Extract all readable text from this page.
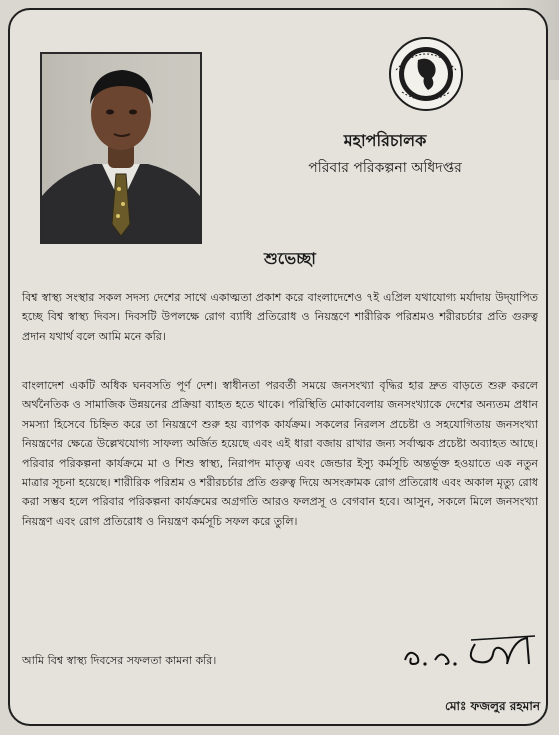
মহাপরিচালক
পরিবার পরিকল্পনা অধিদপ্তর
শুভেচ্ছা

বিশ্ব স্বাস্থ্য সংস্থার সকল সদস্য দেশের সাথে একাত্মতা প্রকাশ করে বাংলাদেশেও ৭ই এপ্রিল যথাযোগ্য মর্যাদায় উদ্‌যাপিত হচ্ছে বিশ্ব স্বাস্থ্য দিবস। দিবসটি উপলক্ষে রোগ ব্যাধি প্রতিরোধ ও নিয়ন্ত্রণে শারীরিক পরিশ্রমও শরীরচর্চার প্রতি গুরুত্ব প্রদান যথার্থ বলে আমি মনে করি।

বাংলাদেশ একটি অধিক ঘনবসতি পূর্ণ দেশ। স্বাধীনতা পরবর্তী সময়ে জনসংখ্যা বৃদ্ধির হার দ্রুত বাড়তে শুরু করলে অর্থনৈতিক ও সামাজিক উন্নয়নের প্রক্রিয়া ব্যাহত হতে থাকে। পরিস্থিতি মোকাবেলায় জনসংখ্যাকে দেশের অন্যতম প্রধান সমস্যা হিসেবে চিহ্নিত করে তা নিয়ন্ত্রণে শুরু হয় ব্যাপক কার্যক্রম। সকলের নিরলস প্রচেষ্টা ও সহযোগিতায় জনসংখ্যা নিয়ন্ত্রণের ক্ষেত্রে উল্লেখযোগ্য সাফল্য অর্জিত হয়েছে এবং এই ধারা বজায় রাখার জন্য সর্বাত্মক প্রচেষ্টা অব্যাহত আছে। পরিবার পরিকল্পনা কার্যক্রমে মা ও শিশু স্বাস্থ্য, নিরাপদ মাতৃত্ব এবং জেন্ডার ইস্যু কর্মসূচি অন্তর্ভূক্ত হওয়াতে এক নতুন মাত্রার সূচনা হয়েছে। শারীরিক পরিশ্রম ও শরীরচর্চার প্রতি গুরুত্ব দিয়ে অসংক্রামক রোগ প্রতিরোধ এবং অকাল মৃত্যু রোধ করা সম্ভব হলে পরিবার পরিকল্পনা কার্যক্রমের অগ্রগতি আরও ফলপ্রসূ ও বেগবান হবে। আসুন, সকলে মিলে জনসংখ্যা নিয়ন্ত্রণ এবং রোগ প্রতিরোধ ও নিয়ন্ত্রণ কর্মসূচি সফল করে তুলি।

আমি বিশ্ব স্বাস্থ্য দিবসের সফলতা কামনা করি।

মোঃ ফজলুর রহমান
